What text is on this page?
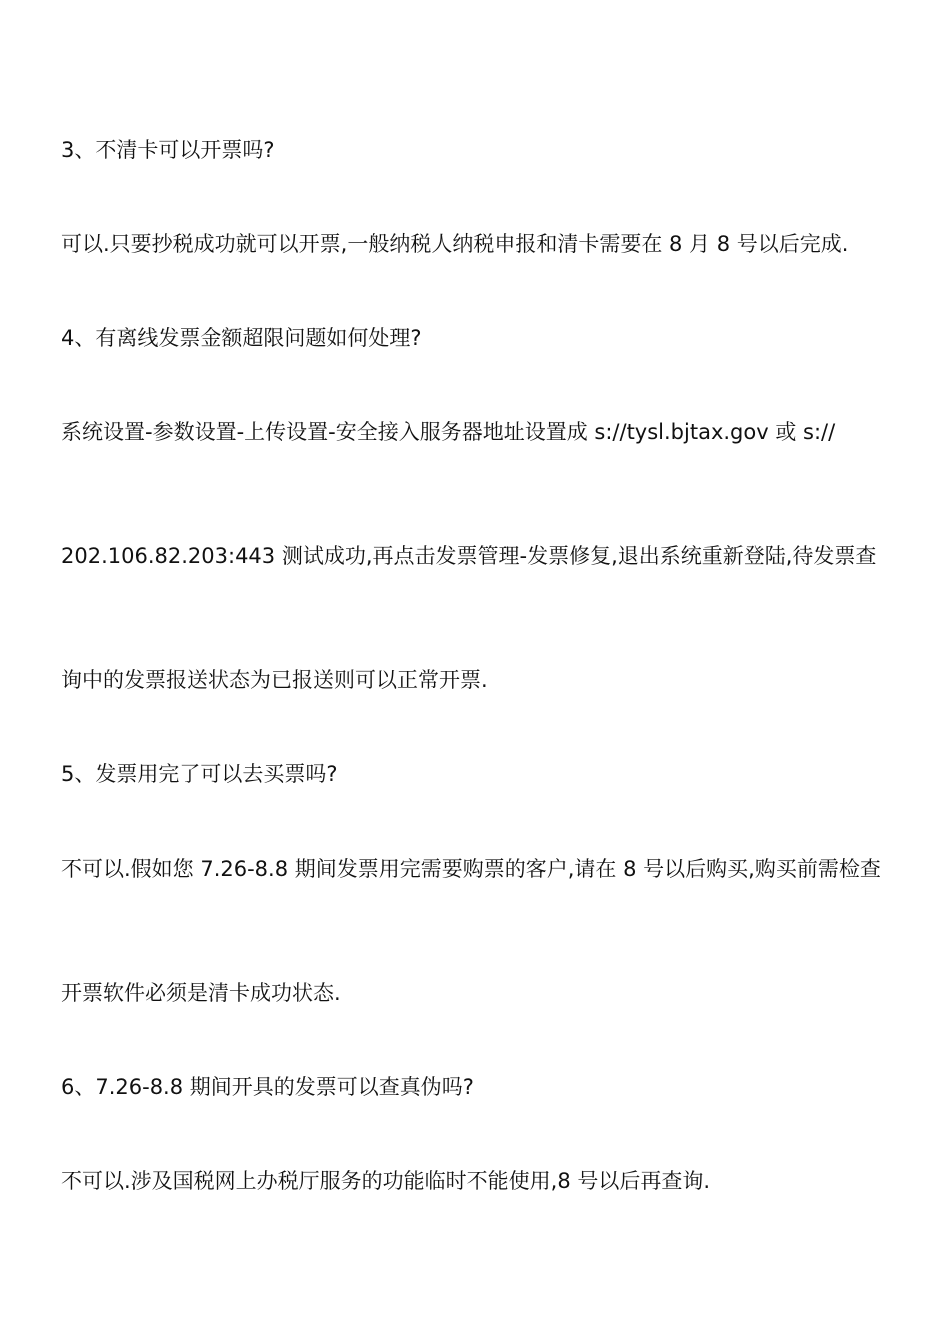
3、不清卡可以开票吗?
可以.只要抄税成功就可以开票,一般纳税人纳税申报和清卡需要在 8 月 8 号以后完成.
4、有离线发票金额超限问题如何处理?
系统设置-参数设置-上传设置-安全接入服务器地址设置成 s://tysl.bjtax.gov 或 s://
202.106.82.203:443 测试成功,再点击发票管理-发票修复,退出系统重新登陆,待发票查
询中的发票报送状态为已报送则可以正常开票.
5、发票用完了可以去买票吗?
不可以.假如您 7.26-8.8 期间发票用完需要购票的客户,请在 8 号以后购买,购买前需检查
开票软件必须是清卡成功状态.
6、7.26-8.8 期间开具的发票可以查真伪吗?
不可以.涉及国税网上办税厅服务的功能临时不能使用,8 号以后再查询.
